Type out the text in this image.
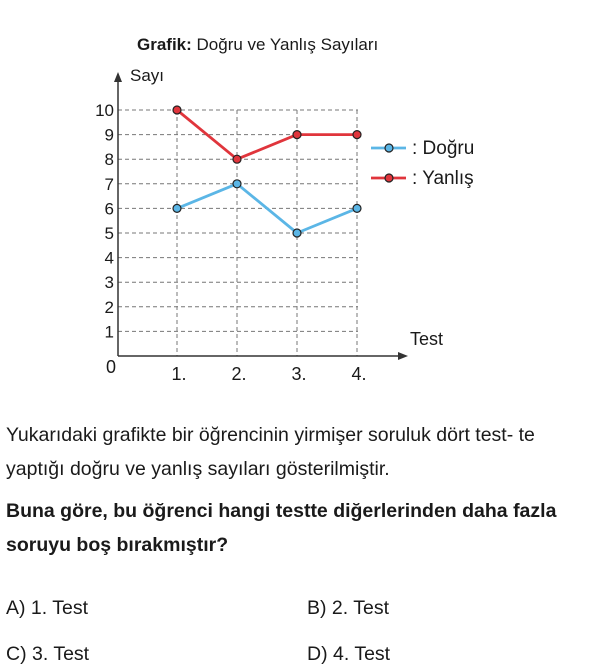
Grafik: Doğru ve Yanlış Sayıları
Sayı
Test
0
1
2
3
4
5
6
7
8
9
10
1. 2. 3. 4.
: Doğru
: Yanlış
Yukarıdaki grafikte bir öğrencinin yirmişer soruluk dört test- te yaptığı doğru ve yanlış sayıları gösterilmiştir.
Buna göre, bu öğrenci hangi testte diğerlerinden daha fazla soruyu boş bırakmıştır?
A) 1. Test	B) 2. Test
C) 3. Test	D) 4. Test
